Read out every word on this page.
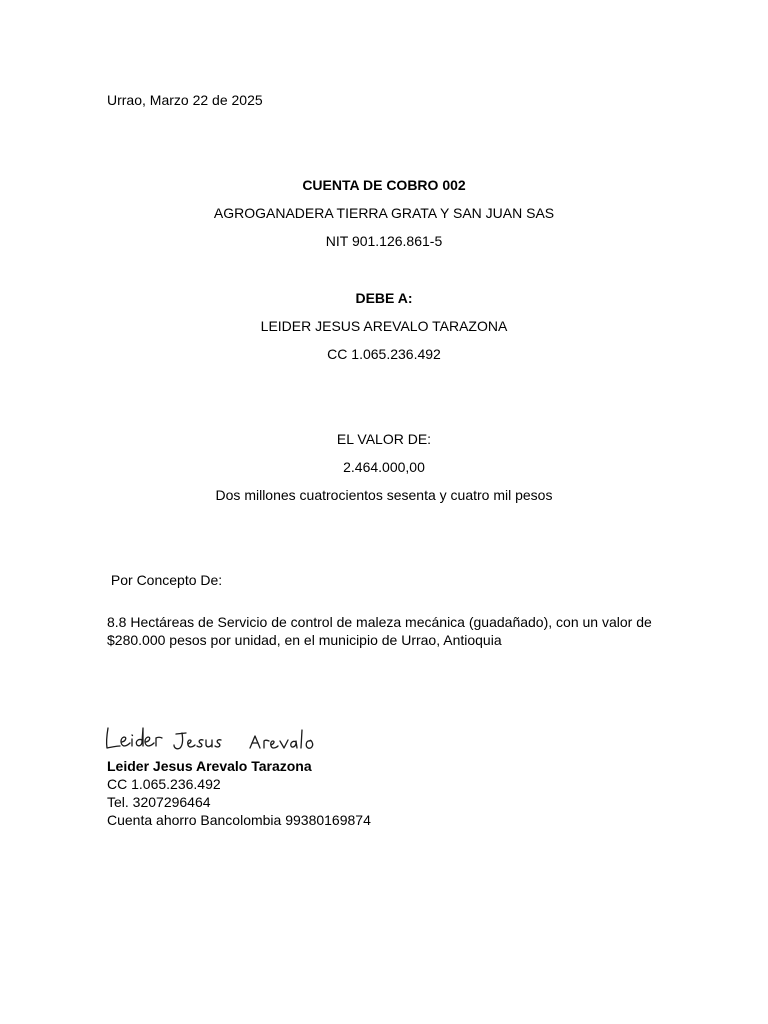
Urrao, Marzo 22 de 2025

CUENTA DE COBRO 002

AGROGANADERA TIERRA GRATA Y SAN JUAN SAS

NIT 901.126.861-5

DEBE A:

LEIDER JESUS AREVALO TARAZONA

CC 1.065.236.492

EL VALOR DE:

2.464.000,00

Dos millones cuatrocientos sesenta y cuatro mil pesos

Por Concepto De:

8.8 Hectáreas de Servicio de control de maleza mecánica (guadañado), con un valor de $280.000 pesos por unidad, en el municipio de Urrao, Antioquia

Leider Jesus Arevalo Tarazona

CC 1.065.236.492

Tel. 3207296464

Cuenta ahorro Bancolombia 99380169874
